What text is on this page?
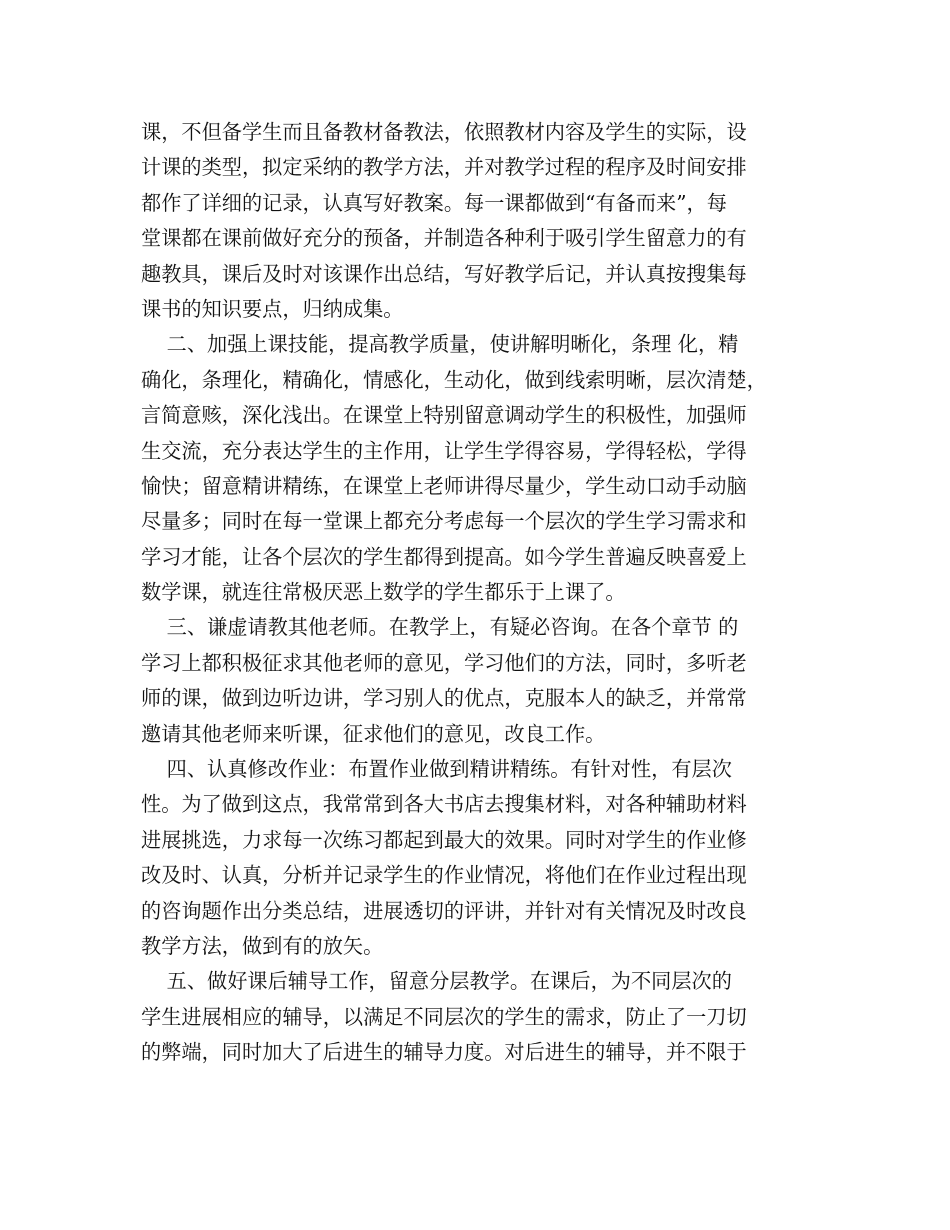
课，不但备学生而且备教材备教法，依照教材内容及学生的实际，设
计课的类型，拟定采纳的教学方法，并对教学过程的程序及时间安排
都作了详细的记录，认真写好教案。每一课都做到“有备而来”，每
堂课都在课前做好充分的预备，并制造各种利于吸引学生留意力的有
趣教具，课后及时对该课作出总结，写好教学后记，并认真按搜集每
课书的知识要点，归纳成集。
二、加强上课技能，提高教学质量，使讲解明晰化，条理 化，精
确化，条理化，精确化，情感化，生动化，做到线索明晰，层次清楚，
言简意赅，深化浅出。在课堂上特别留意调动学生的积极性，加强师
生交流，充分表达学生的主作用，让学生学得容易，学得轻松，学得
愉快；留意精讲精练，在课堂上老师讲得尽量少，学生动口动手动脑
尽量多；同时在每一堂课上都充分考虑每一个层次的学生学习需求和
学习才能，让各个层次的学生都得到提高。如今学生普遍反映喜爱上
数学课，就连往常极厌恶上数学的学生都乐于上课了。
三、谦虚请教其他老师。在教学上，有疑必咨询。在各个章节 的
学习上都积极征求其他老师的意见，学习他们的方法，同时，多听老
师的课，做到边听边讲，学习别人的优点，克服本人的缺乏，并常常
邀请其他老师来听课，征求他们的意见，改良工作。
四、认真修改作业：布置作业做到精讲精练。有针对性，有层次
性。为了做到这点，我常常到各大书店去搜集材料，对各种辅助材料
进展挑选，力求每一次练习都起到最大的效果。同时对学生的作业修
改及时、认真，分析并记录学生的作业情况，将他们在作业过程出现
的咨询题作出分类总结，进展透切的评讲，并针对有关情况及时改良
教学方法，做到有的放矢。
五、做好课后辅导工作，留意分层教学。在课后，为不同层次的
学生进展相应的辅导，以满足不同层次的学生的需求，防止了一刀切
的弊端，同时加大了后进生的辅导力度。对后进生的辅导，并不限于
